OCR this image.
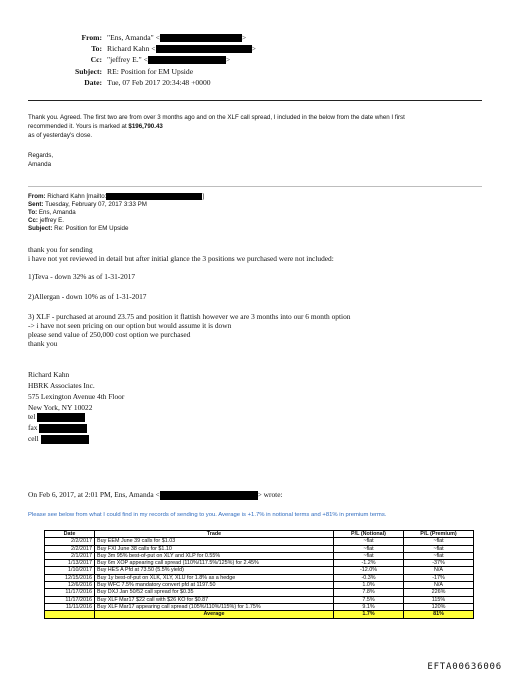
From: "Ens, Amanda" <	>
To: Richard Kahn <	>
Cc: "jeffrey E." <	>
Subject: RE: Position for EM Upside
Date: Tue, 07 Feb 2017 20:34:48 +0000
Thank you. Agreed. The first two are from over 3 months ago and on the XLF call spread, I included in the below from the date when I first
recommended it. Yours is marked at $196,790.43
as of yesterday's close.
Regards,
Amanda
From: Richard Kahn [mailto:	]
Sent: Tuesday, February 07, 2017 3:33 PM
To: Ens, Amanda
Cc: jeffrey E.
Subject: Re: Position for EM Upside
thank you for sending
i have not yet reviewed in detail but after initial glance the 3 positions we purchased were not included:
1)Teva - down 32% as of 1-31-2017
2)Allergan - down 10% as of 1-31-2017
3) XLF - purchased at around 23.75 and position it flattish however we are 3 months into our 6 month option
-> i have not seen pricing on our option but would assume it is down
please send value of 250,000 cost option we purchased
thank you
Richard Kahn
HBRK Associates Inc.
575 Lexington Avenue 4th Floor
New York, NY 10022
tel
fax
cell
On Feb 6, 2017, at 2:01 PM, Ens, Amanda <	> wrote:
Please see below from what I could find in my records of sending to you. Average is +1.7% in notional terms and +81% in premium terms.
Date	Trade	P/L (Notional)	P/L (Premium)
2/2/2017	Buy EEM June 39 calls for $1.03	~flat	~flat
2/2/2017	Buy FXI June 38 calls for $1.10	~flat	~flat
2/1/2017	Buy 3m 95% best-of-put on XLY and XLP for 0.55%	~flat	~flat
1/13/2017	Buy 6m XOP appearing call spread (110%/117.5%/125%) for 2.45%	-1.2%	-37%
1/10/2017	Buy HES A Pfd at 73.50 (5.5% yield)	-12.0%	N/A
12/15/2016	Buy 1y best-of-put on XLK, XLY, XLU for 1.8% as a hedge	-0.3%	-17%
12/6/2016	Buy WFC 7.5% mandatory convert pfd at 1197.50	1.0%	N/A
11/17/2016	Buy DXJ Jan 50/52 call spread for $0.35	7.8%	226%
11/17/2016	Buy XLF Mar17 $22 call with $26 KO for $0.87	7.5%	115%
11/11/2016	Buy XLF Mar17 appearing call spread (105%/110%/115%) for 1.75%	9.1%	120%
	Average	1.7%	81%
EFTA00636006
